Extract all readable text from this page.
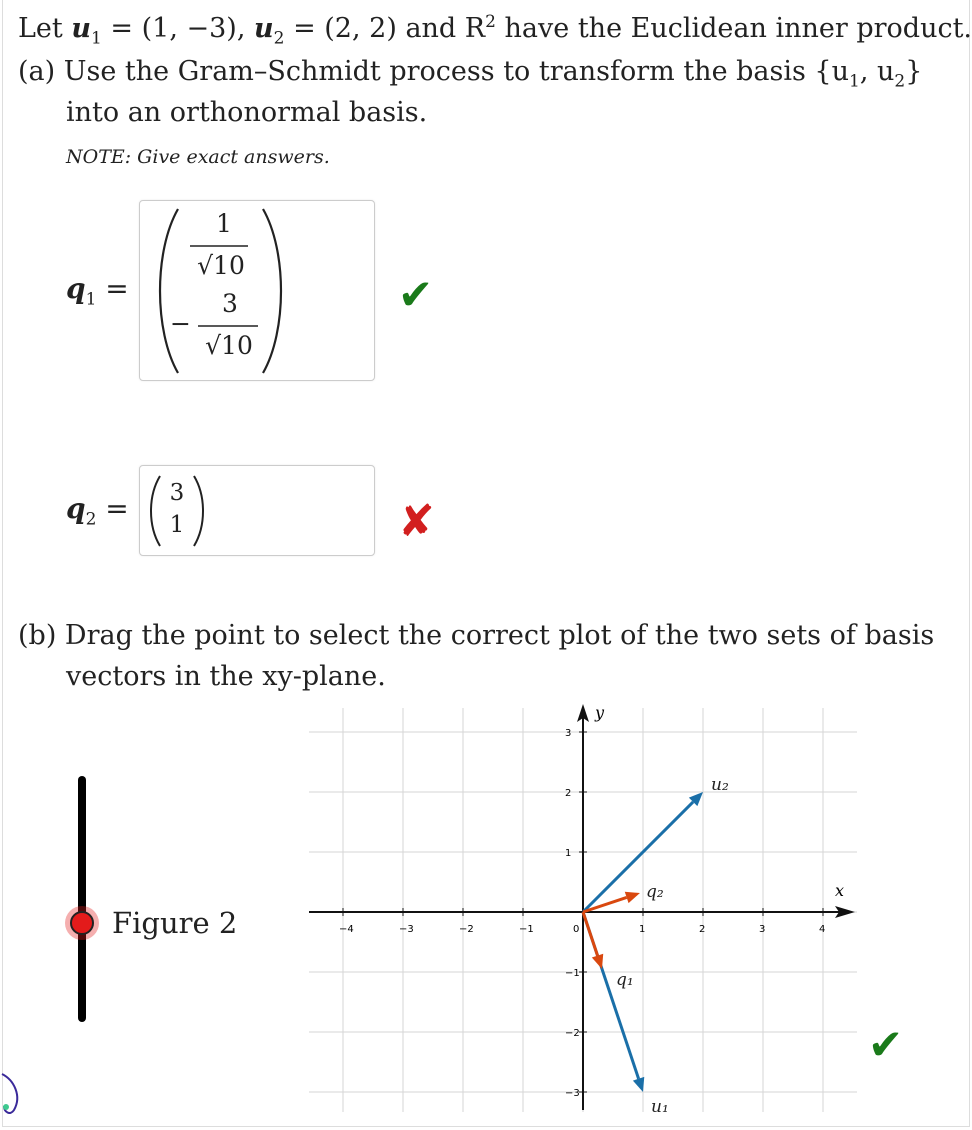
Let $u_1 = (1$, −3), $u_2 = (2$, 2) and $R^2$ have the Euclidean inner product.
(a) Use the Gram–Schmidt process to transform the basis {$u_1$, $u_2$}
into an orthonormal basis.
NOTE: Give exact answers.
$q_1$ =
1
√10
−
3
√10
✔
$q_2 = 3$
1	✘
(b) Drag the point to select the correct plot of the two sets of basis
vectors in the xy-plane.
Figure 2
x
y
−4	−3	−2	−1	0	1	2	3	4
3
2
1
−1
−2
−3
u₂
u₁
q₂
q₁
✔
